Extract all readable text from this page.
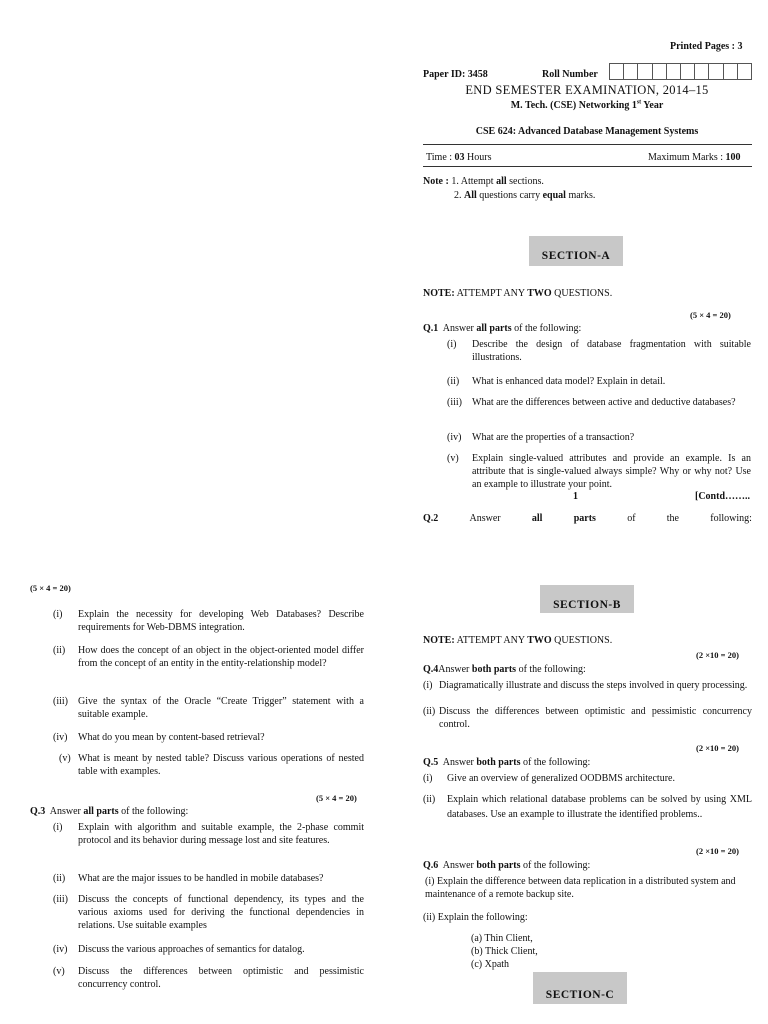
Printed Pages : 3
Paper ID: 3458	Roll Number
END SEMESTER EXAMINATION, 2014–15
M. Tech. (CSE) Networking 1st Year
CSE 624: Advanced Database Management Systems
Time : 03 Hours	Maximum Marks : 100
Note : 1. Attempt all sections.
2. All questions carry equal marks.
SECTION-A
NOTE: ATTEMPT ANY TWO QUESTIONS.
(5 × 4 = 20)
Q.1 Answer all parts of the following:
(i) Describe the design of database fragmentation with suitable illustrations.
(ii) What is enhanced data model? Explain in detail.
(iii) What are the differences between active and deductive databases?
(iv) What are the properties of a transaction?
(v) Explain single-valued attributes and provide an example. Is an attribute that is single-valued always simple? Why or why not? Use an example to illustrate your point.
1	[Contd……..
Q.2	Answer	all	parts	of	the	following:
(5 × 4 = 20)
(i) Explain the necessity for developing Web Databases? Describe requirements for Web-DBMS integration.
(ii) How does the concept of an object in the object-oriented model differ from the concept of an entity in the entity-relationship model?
(iii) Give the syntax of the Oracle “Create Trigger” statement with a suitable example.
(iv) What do you mean by content-based retrieval?
(v) What is meant by nested table? Discuss various operations of nested table with examples.
(5 × 4 = 20)
Q.3 Answer all parts of the following:
(i) Explain with algorithm and suitable example, the 2-phase commit protocol and its behavior during message lost and site features.
(ii) What are the major issues to be handled in mobile databases?
(iii) Discuss the concepts of functional dependency, its types and the various axioms used for deriving the functional dependencies in relations. Use suitable examples
(iv) Discuss the various approaches of semantics for datalog.
(v) Discuss the differences between optimistic and pessimistic concurrency control.
SECTION-B
NOTE: ATTEMPT ANY TWO QUESTIONS.
(2 ×10 = 20)
Q.4Answer both parts of the following:
(i) Diagramatically illustrate and discuss the steps involved in query processing.
(ii) Discuss the differences between optimistic and pessimistic concurrency control.
(2 ×10 = 20)
Q.5 Answer both parts of the following:
(i) Give an overview of generalized OODBMS architecture.
(ii) Explain which relational database problems can be solved by using XML databases. Use an example to illustrate the identified problems..
(2 ×10 = 20)
Q.6 Answer both parts of the following:
(i) Explain the difference between data replication in a distributed system and maintenance of a remote backup site.
(ii) Explain the following:
(a) Thin Client,
(b) Thick Client,
(c) Xpath
SECTION-C
